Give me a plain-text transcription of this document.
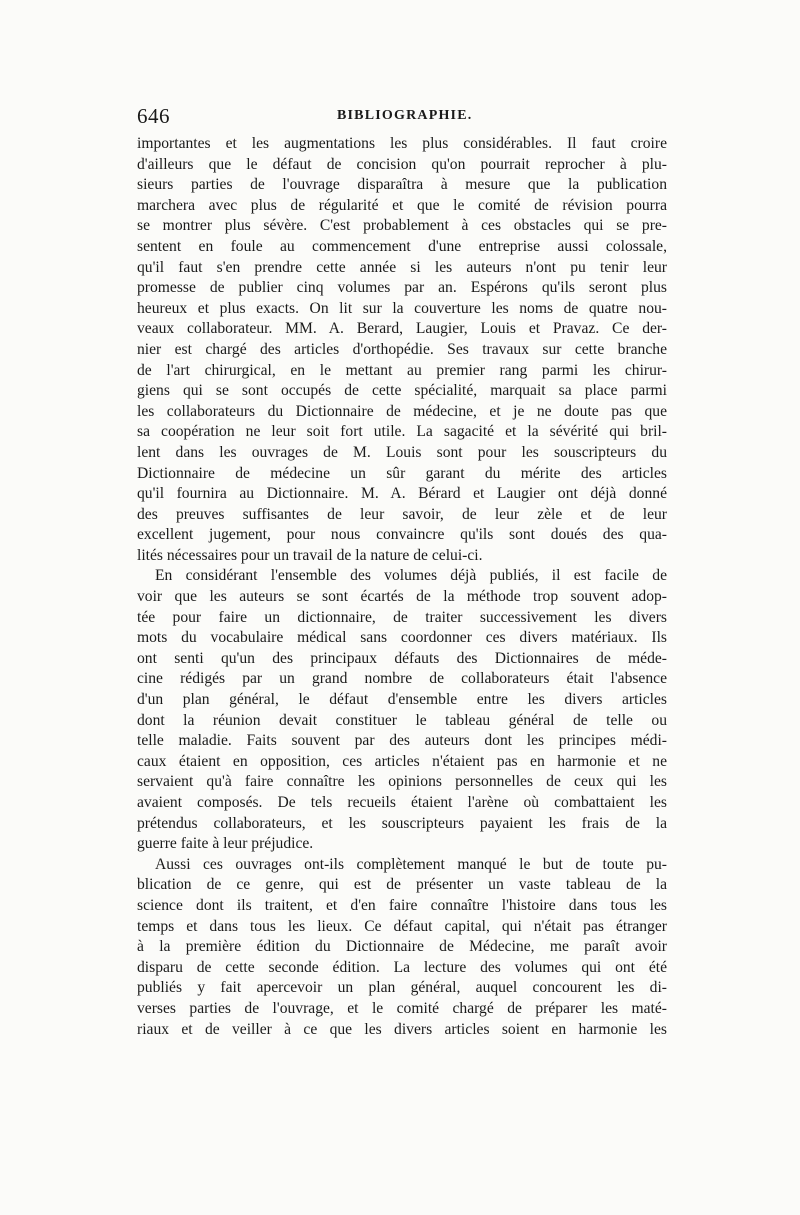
646	BIBLIOGRAPHIE.
importantes et les augmentations les plus considérables. Il faut croire
d'ailleurs que le défaut de concision qu'on pourrait reprocher à plu-
sieurs parties de l'ouvrage disparaîtra à mesure que la publication
marchera avec plus de régularité et que le comité de révision pourra
se montrer plus sévère. C'est probablement à ces obstacles qui se pre-
sentent en foule au commencement d'une entreprise aussi colossale,
qu'il faut s'en prendre cette année si les auteurs n'ont pu tenir leur
promesse de publier cinq volumes par an. Espérons qu'ils seront plus
heureux et plus exacts. On lit sur la couverture les noms de quatre nou-
veaux collaborateur. MM. A. Berard, Laugier, Louis et Pravaz. Ce der-
nier est chargé des articles d'orthopédie. Ses travaux sur cette branche
de l'art chirurgical, en le mettant au premier rang parmi les chirur-
giens qui se sont occupés de cette spécialité, marquait sa place parmi
les collaborateurs du Dictionnaire de médecine, et je ne doute pas que
sa coopération ne leur soit fort utile. La sagacité et la sévérité qui bril-
lent dans les ouvrages de M. Louis sont pour les souscripteurs du
Dictionnaire de médecine un sûr garant du mérite des articles
qu'il fournira au Dictionnaire. M. A. Bérard et Laugier ont déjà donné
des preuves suffisantes de leur savoir, de leur zèle et de leur
excellent jugement, pour nous convaincre qu'ils sont doués des qua-
lités nécessaires pour un travail de la nature de celui-ci.
En considérant l'ensemble des volumes déjà publiés, il est facile de
voir que les auteurs se sont écartés de la méthode trop souvent adop-
tée pour faire un dictionnaire, de traiter successivement les divers
mots du vocabulaire médical sans coordonner ces divers matériaux. Ils
ont senti qu'un des principaux défauts des Dictionnaires de méde-
cine rédigés par un grand nombre de collaborateurs était l'absence
d'un plan général, le défaut d'ensemble entre les divers articles
dont la réunion devait constituer le tableau général de telle ou
telle maladie. Faits souvent par des auteurs dont les principes médi-
caux étaient en opposition, ces articles n'étaient pas en harmonie et ne
servaient qu'à faire connaître les opinions personnelles de ceux qui les
avaient composés. De tels recueils étaient l'arène où combattaient les
prétendus collaborateurs, et les souscripteurs payaient les frais de la
guerre faite à leur préjudice.
Aussi ces ouvrages ont-ils complètement manqué le but de toute pu-
blication de ce genre, qui est de présenter un vaste tableau de la
science dont ils traitent, et d'en faire connaître l'histoire dans tous les
temps et dans tous les lieux. Ce défaut capital, qui n'était pas étranger
à la première édition du Dictionnaire de Médecine, me paraît avoir
disparu de cette seconde édition. La lecture des volumes qui ont été
publiés y fait apercevoir un plan général, auquel concourent les di-
verses parties de l'ouvrage, et le comité chargé de préparer les maté-
riaux et de veiller à ce que les divers articles soient en harmonie les
